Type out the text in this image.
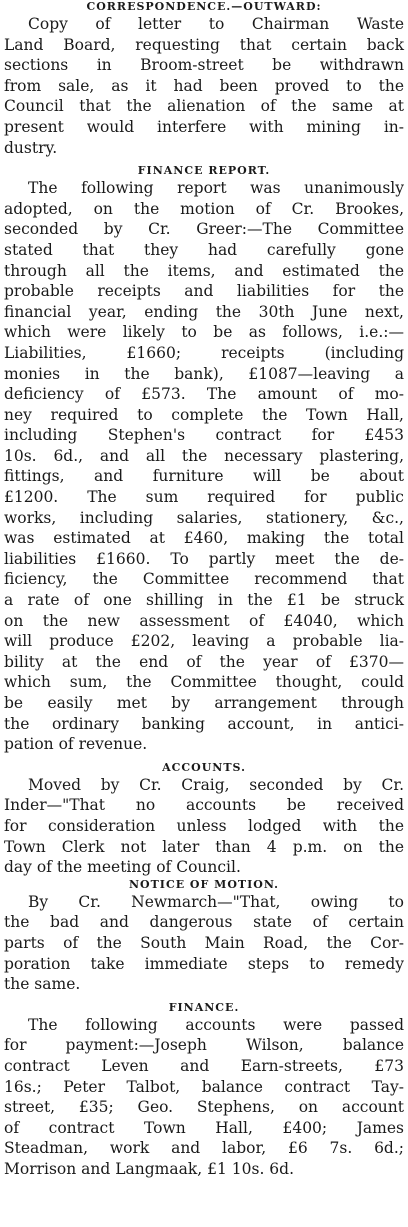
CORRESPONDENCE.—OUTWARD:
Copy of letter to Chairman Waste
Land Board, requesting that certain back
sections in Broom-street be withdrawn
from sale, as it had been proved to the
Council that the alienation of the same at
present would interfere with mining in-
dustry.
FINANCE REPORT.
The following report was unanimously
adopted, on the motion of Cr. Brookes,
seconded by Cr. Greer:—The Committee
stated that they had carefully gone
through all the items, and estimated the
probable receipts and liabilities for the
financial year, ending the 30th June next,
which were likely to be as follows, i.e.:—
Liabilities, £1660; receipts (including
monies in the bank), £1087—leaving a
deficiency of £573. The amount of mo-
ney required to complete the Town Hall,
including Stephen's contract for £453
10s. 6d., and all the necessary plastering,
fittings, and furniture will be about
£1200. The sum required for public
works, including salaries, stationery, &c.,
was estimated at £460, making the total
liabilities £1660. To partly meet the de-
ficiency, the Committee recommend that
a rate of one shilling in the £1 be struck
on the new assessment of £4040, which
will produce £202, leaving a probable lia-
bility at the end of the year of £370—
which sum, the Committee thought, could
be easily met by arrangement through
the ordinary banking account, in antici-
pation of revenue.
ACCOUNTS.
Moved by Cr. Craig, seconded by Cr.
Inder—"That no accounts be received
for consideration unless lodged with the
Town Clerk not later than 4 p.m. on the
day of the meeting of Council.
NOTICE OF MOTION.
By Cr. Newmarch—"That, owing to
the bad and dangerous state of certain
parts of the South Main Road, the Cor-
poration take immediate steps to remedy
the same.
FINANCE.
The following accounts were passed
for payment:—Joseph Wilson, balance
contract Leven and Earn-streets, £73
16s.; Peter Talbot, balance contract Tay-
street, £35; Geo. Stephens, on account
of contract Town Hall, £400; James
Steadman, work and labor, £6 7s. 6d.;
Morrison and Langmaak, £1 10s. 6d.
